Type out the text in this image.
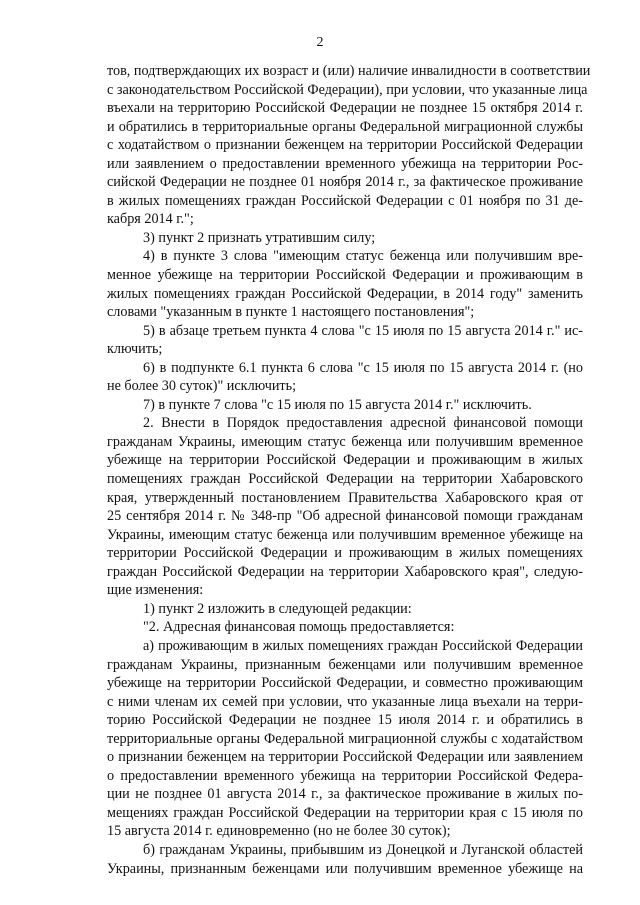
2
тов, подтверждающих их возраст и (или) наличие инвалидности в соответствии
с законодательством Российской Федерации), при условии, что указанные лица
въехали на территорию Российской Федерации не позднее 15 октября 2014 г.
и обратились в территориальные органы Федеральной миграционной службы
с ходатайством о признании беженцем на территории Российской Федерации
или заявлением о предоставлении временного убежища на территории Рос-
сийской Федерации не позднее 01 ноября 2014 г., за фактическое проживание
в жилых помещениях граждан Российской Федерации с 01 ноября по 31 де-
кабря 2014 г.";
3) пункт 2 признать утратившим силу;
4) в пункте 3 слова "имеющим статус беженца или получившим вре-
менное убежище на территории Российской Федерации и проживающим в
жилых помещениях граждан Российской Федерации, в 2014 году" заменить
словами "указанным в пункте 1 настоящего постановления";
5) в абзаце третьем пункта 4 слова "с 15 июля по 15 августа 2014 г." ис-
ключить;
6) в подпункте 6.1 пункта 6 слова "с 15 июля по 15 августа 2014 г. (но
не более 30 суток)" исключить;
7) в пункте 7 слова "с 15 июля по 15 августа 2014 г." исключить.
2. Внести в Порядок предоставления адресной финансовой помощи
гражданам Украины, имеющим статус беженца или получившим временное
убежище на территории Российской Федерации и проживающим в жилых
помещениях граждан Российской Федерации на территории Хабаровского
края, утвержденный постановлением Правительства Хабаровского края от
25 сентября 2014 г. № 348-пр "Об адресной финансовой помощи гражданам
Украины, имеющим статус беженца или получившим временное убежище на
территории Российской Федерации и проживающим в жилых помещениях
граждан Российской Федерации на территории Хабаровского края", следую-
щие изменения:
1) пункт 2 изложить в следующей редакции:
"2. Адресная финансовая помощь предоставляется:
а) проживающим в жилых помещениях граждан Российской Федерации
гражданам Украины, признанным беженцами или получившим временное
убежище на территории Российской Федерации, и совместно проживающим
с ними членам их семей при условии, что указанные лица въехали на терри-
торию Российской Федерации не позднее 15 июля 2014 г. и обратились в
территориальные органы Федеральной миграционной службы с ходатайством
о признании беженцем на территории Российской Федерации или заявлением
о предоставлении временного убежища на территории Российской Федера-
ции не позднее 01 августа 2014 г., за фактическое проживание в жилых по-
мещениях граждан Российской Федерации на территории края с 15 июля по
15 августа 2014 г. единовременно (но не более 30 суток);
б) гражданам Украины, прибывшим из Донецкой и Луганской областей
Украины, признанным беженцами или получившим временное убежище на
